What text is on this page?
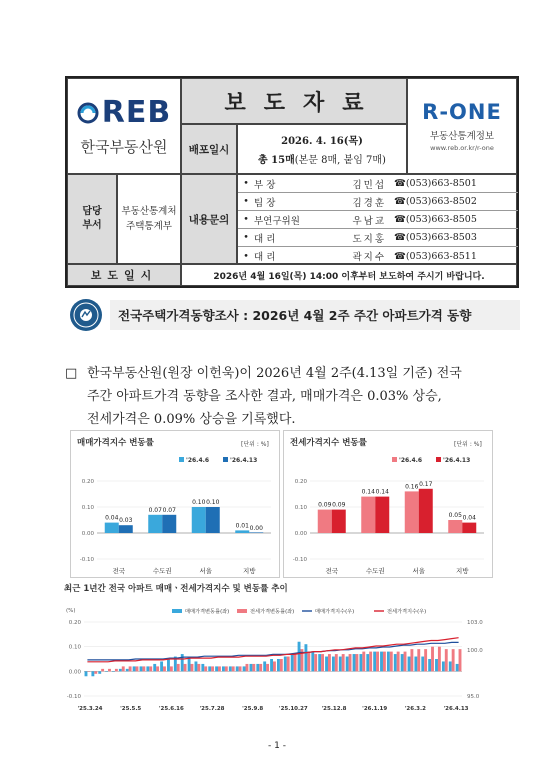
REB
한국부동산원
보도자료 R-ONE
부동산통계정보
www.reb.or.kr/r-one
배포일시
2026. 4. 16(목)
총 15매(본문 8매, 붙임 7매)
담당
부서
부동산통계처
주택통계부
내용문의
• 부 장	김민섭 ☎(053)663-8501
• 팀 장	김경훈 ☎(053)663-8502
• 부연구위원	우남교 ☎(053)663-8505
• 대 리	도지홍 ☎(053)663-8503
• 대 리	곽지수 ☎(053)663-8511
보도일시	2026년 4월 16일(목) 14:00 이후부터 보도하여 주시기 바랍니다.
전국주택가격동향조사 : 2026년 4월 2주 주간 아파트가격 동향
□ 한국부동산원(원장 이헌욱)이 2026년 4월 2주(4.13일 기준) 전국
주간 아파트가격 동향을 조사한 결과, 매매가격은 0.03% 상승,
전세가격은 0.09% 상승을 기록했다.
매매가격지수 변동률	[단위 : %]
0.20
0.10
0.00
-0.10
'26.4.6	'26.4.13
0.04 0.03
전국
0.07 0.07
수도권
0.10 0.10
서울
0.01 0.00
지방
전세가격지수 변동률	[단위 : %]
0.20
0.10
0.00
-0.10
'26.4.6	'26.4.13
0.09 0.09
전국
0.14 0.14
수도권
0.16 0.17
서울
0.05 0.04
지방
최근 1년간 전국 아파트 매매ㆍ전세가격지수 및 변동률 추이
(%)
0.20
0.10
0.00
-0.10
103.0
100.0
95.0
매매가격변동률(좌)	전세가격변동률(좌)	매매가격지수(우)	전세가격지수(우)
'25.3.24	'25.5.5	'25.6.16	'25.7.28	'25.9.8	'25.10.27	'25.12.8	'26.1.19	'26.3.2	'26.4.13
- 1 -
